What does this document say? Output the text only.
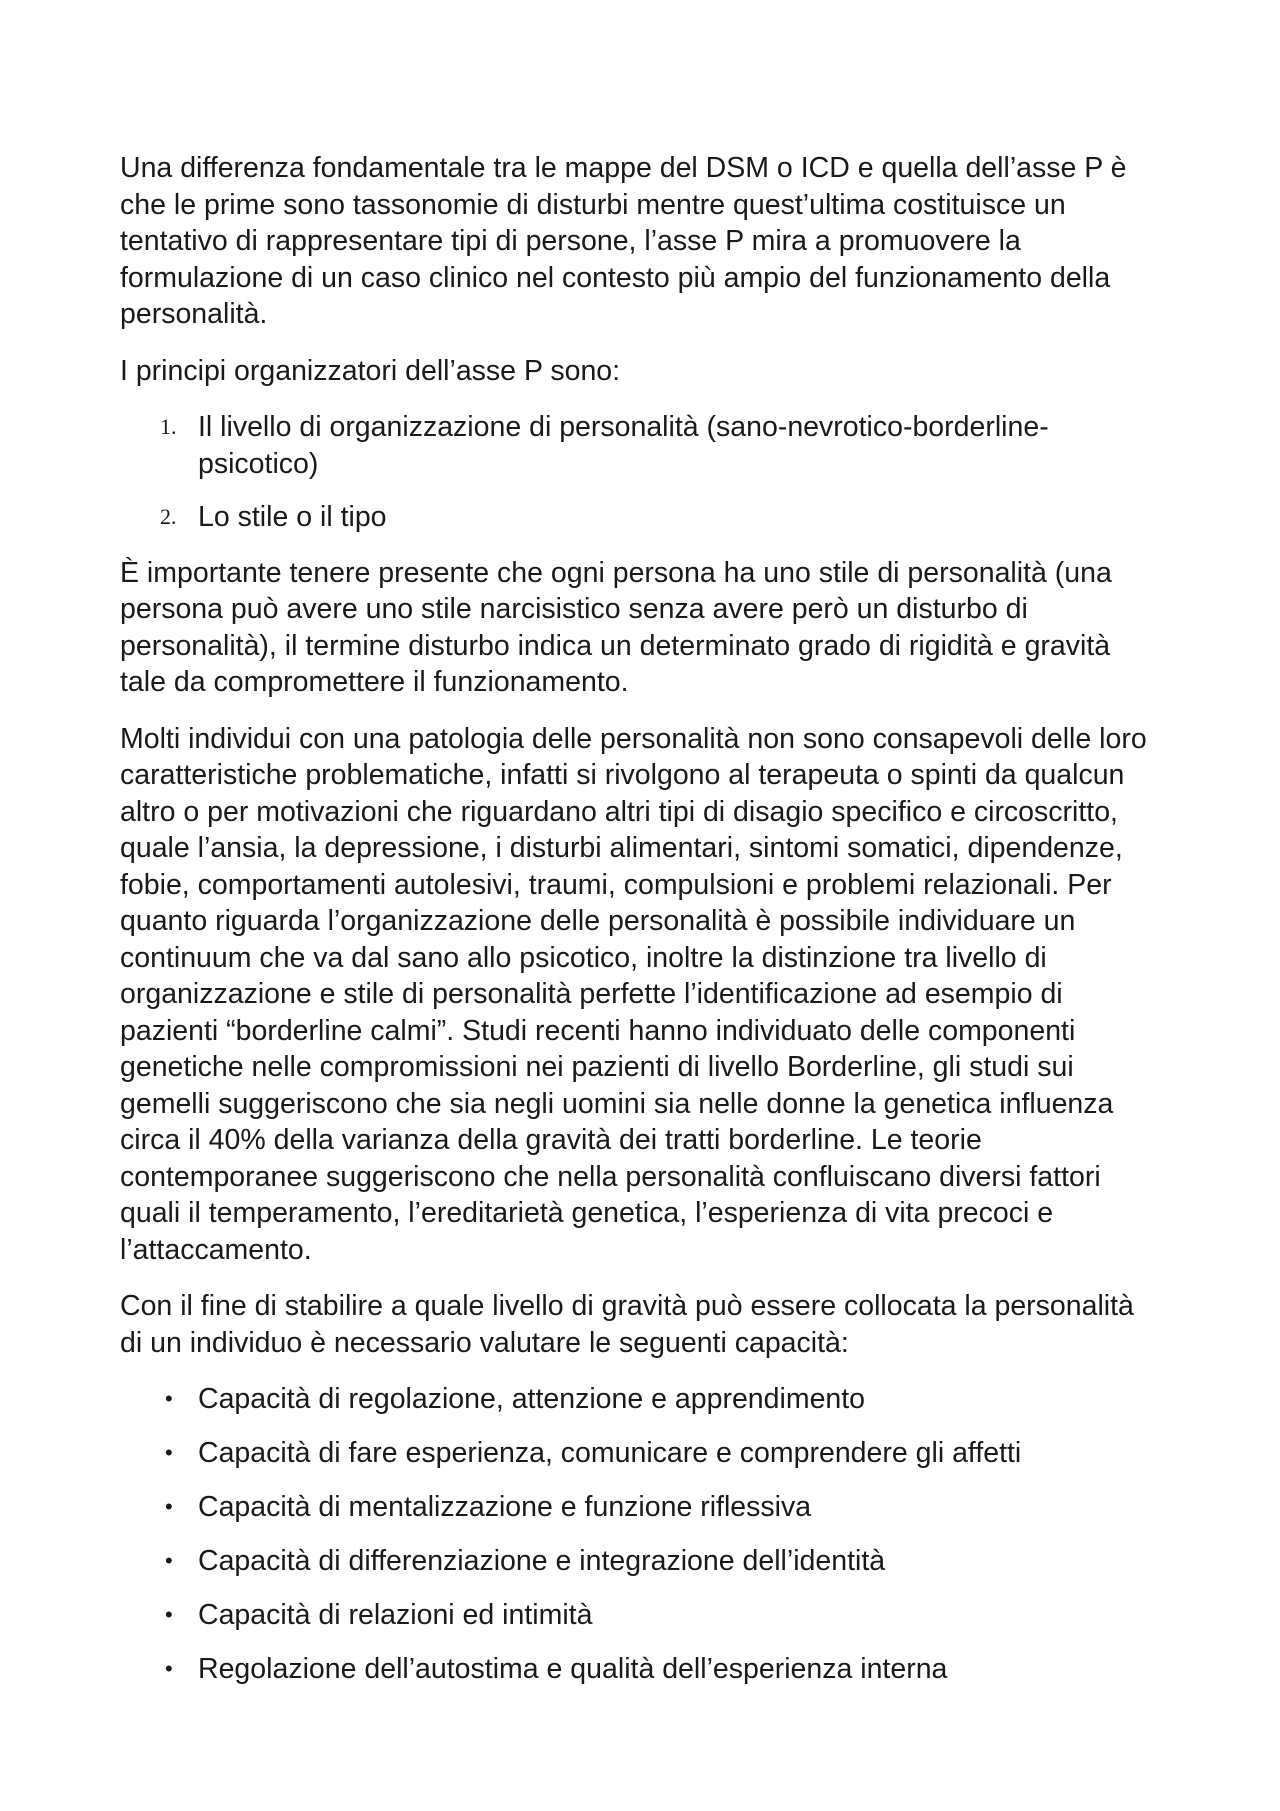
Una differenza fondamentale tra le mappe del DSM o ICD e quella dell’asse P è che le prime sono tassonomie di disturbi mentre quest’ultima costituisce un tentativo di rappresentare tipi di persone, l’asse P mira a promuovere la formulazione di un caso clinico nel contesto più ampio del funzionamento della personalità.

I principi organizzatori dell’asse P sono:

1. Il livello di organizzazione di personalità (sano-nevrotico-borderline-psicotico)
2. Lo stile o il tipo

È importante tenere presente che ogni persona ha uno stile di personalità (una persona può avere uno stile narcisistico senza avere però un disturbo di personalità), il termine disturbo indica un determinato grado di rigidità e gravità tale da compromettere il funzionamento.

Molti individui con una patologia delle personalità non sono consapevoli delle loro caratteristiche problematiche, infatti si rivolgono al terapeuta o spinti da qualcun altro o per motivazioni che riguardano altri tipi di disagio specifico e circoscritto, quale l’ansia, la depressione, i disturbi alimentari, sintomi somatici, dipendenze, fobie, comportamenti autolesivi, traumi, compulsioni e problemi relazionali. Per quanto riguarda l’organizzazione delle personalità è possibile individuare un continuum che va dal sano allo psicotico, inoltre la distinzione tra livello di organizzazione e stile di personalità perfette l’identificazione ad esempio di pazienti “borderline calmi”. Studi recenti hanno individuato delle componenti genetiche nelle compromissioni nei pazienti di livello Borderline, gli studi sui gemelli suggeriscono che sia negli uomini sia nelle donne la genetica influenza circa il 40% della varianza della gravità dei tratti borderline. Le teorie contemporanee suggeriscono che nella personalità confluiscano diversi fattori quali il temperamento, l’ereditarietà genetica, l’esperienza di vita precoci e l’attaccamento.

Con il fine di stabilire a quale livello di gravità può essere collocata la personalità di un individuo è necessario valutare le seguenti capacità:

• Capacità di regolazione, attenzione e apprendimento
• Capacità di fare esperienza, comunicare e comprendere gli affetti
• Capacità di mentalizzazione e funzione riflessiva
• Capacità di differenziazione e integrazione dell’identità
• Capacità di relazioni ed intimità
• Regolazione dell’autostima e qualità dell’esperienza interna
